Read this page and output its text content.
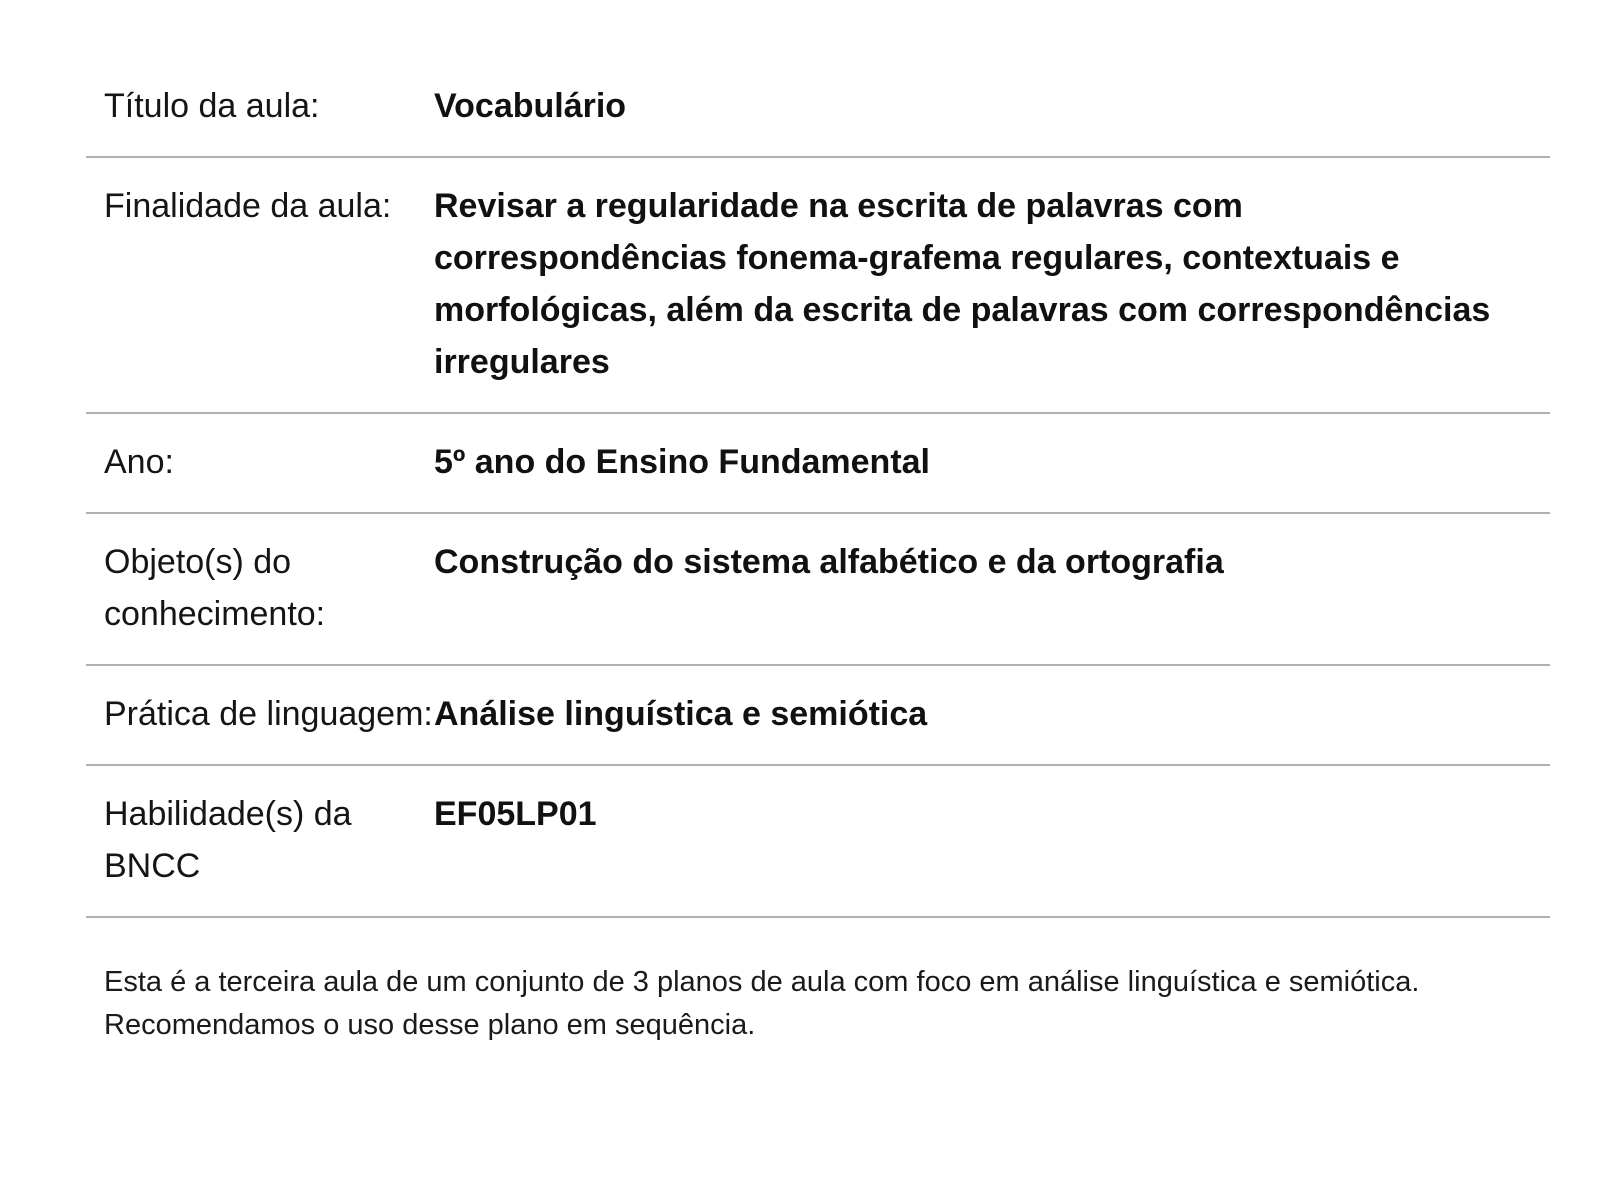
Título da aula:	Vocabulário
Finalidade da aula:	Revisar a regularidade na escrita de palavras com correspondências fonema-grafema regulares, contextuais e morfológicas, além da escrita de palavras com correspondências irregulares
Ano:	5º ano do Ensino Fundamental
Objeto(s) do conhecimento:	Construção do sistema alfabético e da ortografia
Prática de linguagem:	Análise linguística e semiótica
Habilidade(s) da BNCC	EF05LP01

Esta é a terceira aula de um conjunto de 3 planos de aula com foco em análise linguística e semiótica. Recomendamos o uso desse plano em sequência.
